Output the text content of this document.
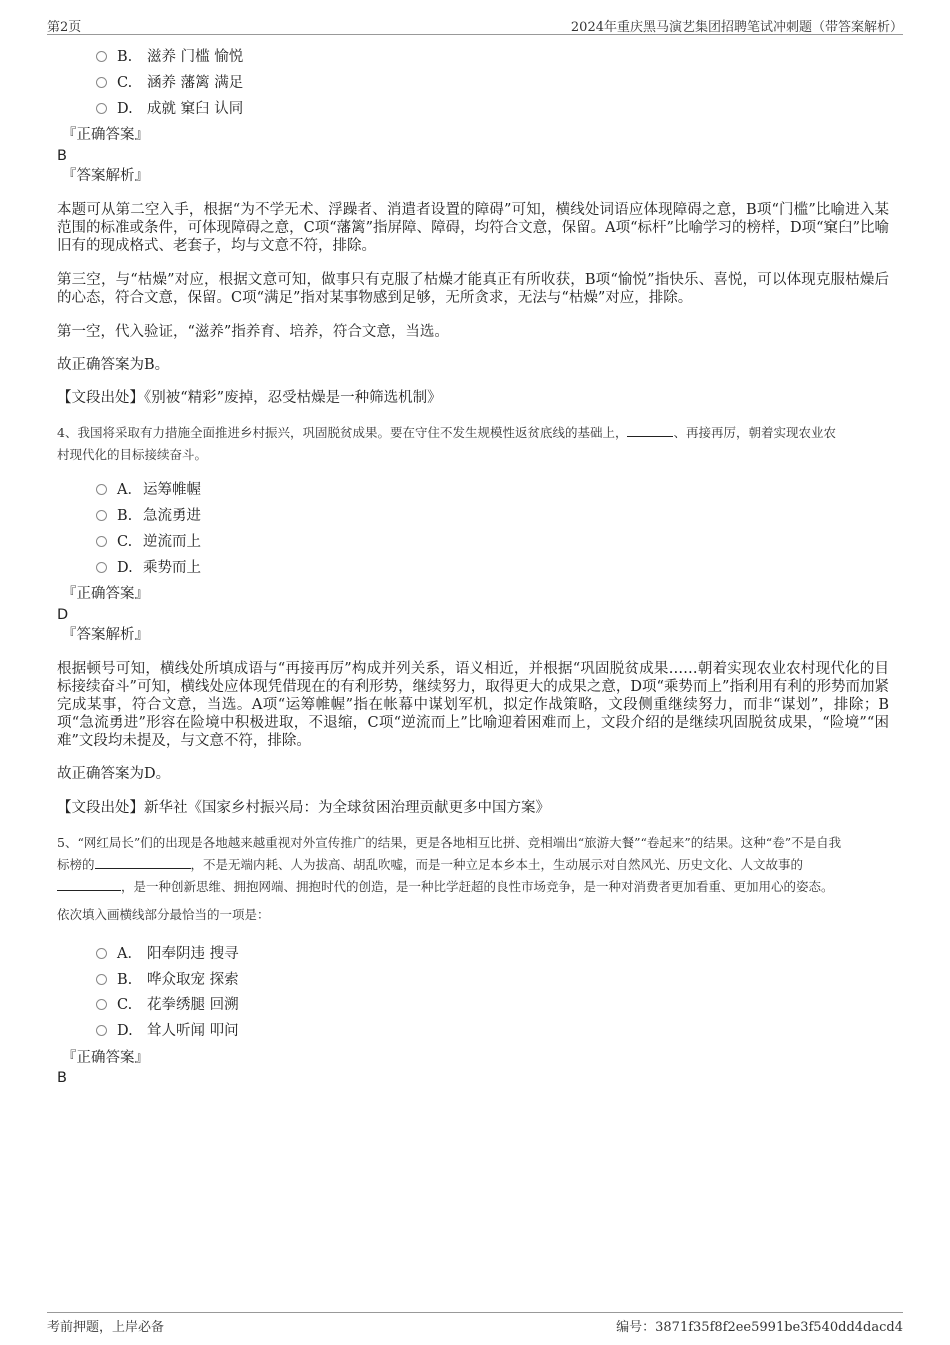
第2页	2024年重庆黑马演艺集团招聘笔试冲刺题（带答案解析）
B. 滋养 门槛 愉悦
C. 涵养 藩篱 满足
D. 成就 窠臼 认同
『正确答案』
B
『答案解析』
本题可从第二空入手，根据“为不学无术、浮躁者、消遣者设置的障碍”可知，横线处词语应体现障碍之意，B项“门槛”比喻进入某范围的标准或条件，可体现障碍之意，C项“藩篱”指屏障、障碍，均符合文意，保留。A项“标杆”比喻学习的榜样，D项“窠臼”比喻旧有的现成格式、老套子，均与文意不符，排除。
第三空，与“枯燥”对应，根据文意可知，做事只有克服了枯燥才能真正有所收获，B项“愉悦”指快乐、喜悦，可以体现克服枯燥后的心态，符合文意，保留。C项“满足”指对某事物感到足够，无所贪求，无法与“枯燥”对应，排除。
第一空，代入验证，“滋养”指养育、培养，符合文意，当选。
故正确答案为B。
【文段出处】《别被“精彩”废掉，忍受枯燥是一种筛选机制》
4、我国将采取有力措施全面推进乡村振兴，巩固脱贫成果。要在守住不发生规模性返贫底线的基础上，	、再接再厉，朝着实现农业农
村现代化的目标接续奋斗。
A．运筹帷幄
B. 急流勇进
C. 逆流而上
D. 乘势而上
『正确答案』
D
『答案解析』
根据顿号可知，横线处所填成语与“再接再厉”构成并列关系，语义相近，并根据“巩固脱贫成果……朝着实现农业农村现代化的目标接续奋斗”可知，横线处应体现凭借现在的有利形势，继续努力，取得更大的成果之意，D项“乘势而上”指利用有利的形势而加紧完成某事，符合文意，当选。A项“运筹帷幄”指在帐幕中谋划军机，拟定作战策略，文段侧重继续努力，而非“谋划”，排除；B项“急流勇进”形容在险境中积极进取，不退缩，C项“逆流而上”比喻迎着困难而上，文段介绍的是继续巩固脱贫成果，“险境”“困难”文段均未提及，与文意不符，排除。
故正确答案为D。
【文段出处】新华社《国家乡村振兴局：为全球贫困治理贡献更多中国方案》
5、“网红局长”们的出现是各地越来越重视对外宣传推广的结果，更是各地相互比拼、竞相端出“旅游大餐”“卷起来”的结果。这种“卷”不是自我
标榜的	，不是无端内耗、人为拔高、胡乱吹嘘，而是一种立足本乡本土，生动展示对自然风光、历史文化、人文故事的
，是一种创新思维、拥抱网端、拥抱时代的创造，是一种比学赶超的良性市场竞争，是一种对消费者更加看重、更加用心的姿态。
依次填入画横线部分最恰当的一项是：
A． 阳奉阴违 搜寻
B. 哗众取宠 探索
C. 花拳绣腿 回溯
D. 耸人听闻 叩问
『正确答案』
B
考前押题，上岸必备	编号：3871f35f8f2ee5991be3f540dd4dacd4
